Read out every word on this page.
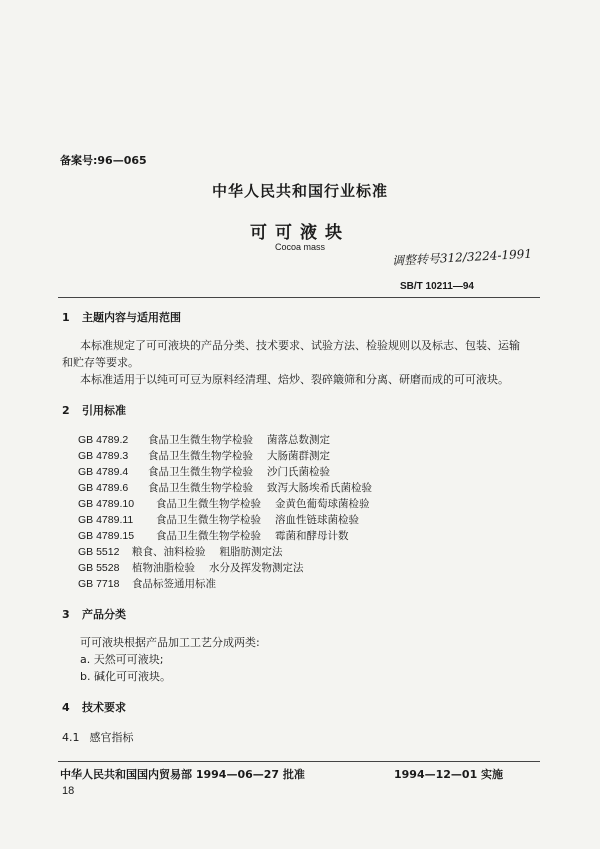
备案号:96—065
中华人民共和国行业标准
可可液块
Cocoa mass	调整转号312/3224-1991
SB/T 10211—94
1 主题内容与适用范围
本标准规定了可可液块的产品分类、技术要求、试验方法、检验规则以及标志、包装、运输
和贮存等要求。
本标准适用于以纯可可豆为原料经清理、焙炒、裂碎簸筛和分离、研磨而成的可可液块。
2 引用标准
GB 4789.2 食品卫生微生物学检验 菌落总数测定
GB 4789.3 食品卫生微生物学检验 大肠菌群测定
GB 4789.4 食品卫生微生物学检验 沙门氏菌检验
GB 4789.6 食品卫生微生物学检验 致泻大肠埃希氏菌检验
GB 4789.10 食品卫生微生物学检验 金黄色葡萄球菌检验
GB 4789.11 食品卫生微生物学检验 溶血性链球菌检验
GB 4789.15 食品卫生微生物学检验 霉菌和酵母计数
GB 5512 粮食、油料检验 粗脂肪测定法
GB 5528 植物油脂检验 水分及挥发物测定法
GB 7718 食品标签通用标准
3 产品分类
可可液块根据产品加工工艺分成两类:
a. 天然可可液块;
b. 碱化可可液块。
4 技术要求
4.1 感官指标
中华人民共和国国内贸易部 1994—06—27 批准	1994—12—01 实施
18
